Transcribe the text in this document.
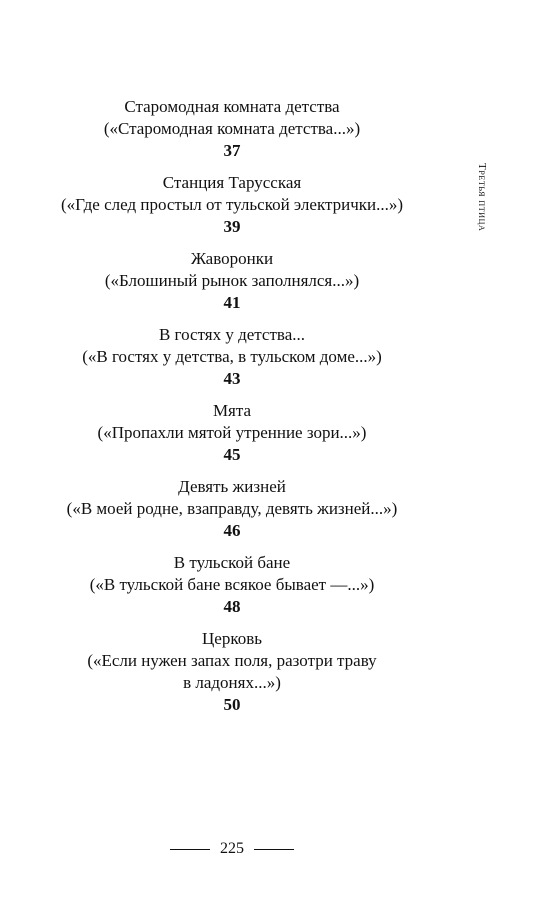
Старомодная комната детства
(«Старомодная комната детства...»)
37
Станция Тарусская
(«Где след простыл от тульской электрички...»)
39
Жаворонки
(«Блошиный рынок заполнялся...»)
41
В гостях у детства...
(«В гостях у детства, в тульском доме...»)
43
Мята
(«Пропахли мятой утренние зори...»)
45
Девять жизней
(«В моей родне, взаправду, девять жизней...»)
46
В тульской бане
(«В тульской бане всякое бывает —...»)
48
Церковь
(«Если нужен запах поля, разотри траву
в ладонях...»)
50
Третья птица
225
